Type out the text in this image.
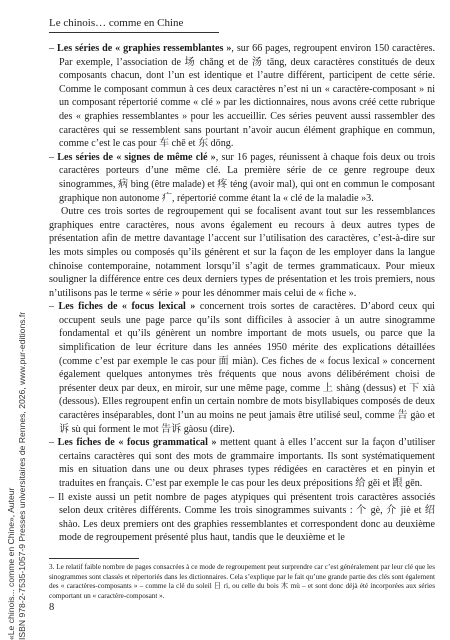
Le chinois… comme en Chine
«Le chinois... comme en Chine», Auteur ISBN 978-2-7535-1057-9 Presses universitaires de Rennes, 2026, www.pur-editions.fr

– Les séries de « graphies ressemblantes », sur 66 pages, regroupent environ 150 caractères. Par exemple, l’association de 场 chǎng et de 汤 tāng, deux caractères constitués de deux composants chacun, dont l’un est identique et l’autre différent, participent de cette série. Comme le composant commun à ces deux caractères n’est ni un « caractère-composant » ni un composant répertorié comme « clé » par les dictionnaires, nous avons créé cette rubrique des « graphies ressemblantes » pour les accueillir. Ces séries peuvent aussi rassembler des caractères qui se ressemblent sans pourtant n’avoir aucun élément graphique en commun, comme c’est le cas pour 车 chē et 东 dōng.

– Les séries de « signes de même clé », sur 16 pages, réunissent à chaque fois deux ou trois caractères porteurs d’une même clé. La première série de ce genre regroupe deux sinogrammes, 病 bìng (être malade) et 疼 téng (avoir mal), qui ont en commun le composant graphique non autonome 疒, répertorié comme étant la « clé de la maladie »3.

Outre ces trois sortes de regroupement qui se focalisent avant tout sur les ressemblances graphiques entre caractères, nous avons également eu recours à deux autres types de présentation afin de mettre davantage l’accent sur l’utilisation des caractères, c’est-à-dire sur les mots simples ou composés qu’ils génèrent et sur la façon de les employer dans la langue chinoise contemporaine, notamment lorsqu’il s’agit de termes grammaticaux. Pour mieux souligner la différence entre ces deux derniers types de présentation et les trois premiers, nous n’utilisons pas le terme « série » pour les dénommer mais celui de « fiche ».

– Les fiches de « focus lexical » concernent trois sortes de caractères. D’abord ceux qui occupent seuls une page parce qu’ils sont difficiles à associer à un autre sinogramme fondamental et qu’ils génèrent un nombre important de mots usuels, ou parce que la simplification de leur écriture dans les années 1950 mérite des explications détaillées (comme c’est par exemple le cas pour 面 miàn). Ces fiches de « focus lexical » concernent également quelques antonymes très fréquents que nous avons délibérément choisi de présenter deux par deux, en miroir, sur une même page, comme 上 shàng (dessus) et 下 xià (dessous). Elles regroupent enfin un certain nombre de mots bisyllabiques composés de deux caractères inséparables, dont l’un au moins ne peut jamais être utilisé seul, comme 告 gào et 诉 sù qui forment le mot 告诉 gàosu (dire).

– Les fiches de « focus grammatical » mettent quant à elles l’accent sur la façon d’utiliser certains caractères qui sont des mots de grammaire importants. Ils sont systématiquement mis en situation dans une ou deux phrases types rédigées en caractères et en pinyin et traduites en français. C’est par exemple le cas pour les deux prépositions 给 gěi et 跟 gēn.

– Il existe aussi un petit nombre de pages atypiques qui présentent trois caractères associés selon deux critères différents. Comme les trois sinogrammes suivants : 个 gè, 介 jiè et 绍 shào. Les deux premiers ont des graphies ressemblantes et correspondent donc au deuxième mode de regroupement présenté plus haut, tandis que le deuxième et le

3. Le relatif faible nombre de pages consacrées à ce mode de regroupement peut surprendre car c’est généralement par leur clé que les sinogrammes sont classés et répertoriés dans les dictionnaires. Cela s’explique par le fait qu’une grande partie des clés sont également des « caractères-composants » – comme la clé du soleil 日 rì, ou celle du bois 木 mù – et sont donc déjà été incorporées aux séries comportant un « caractère-composant ».
8
